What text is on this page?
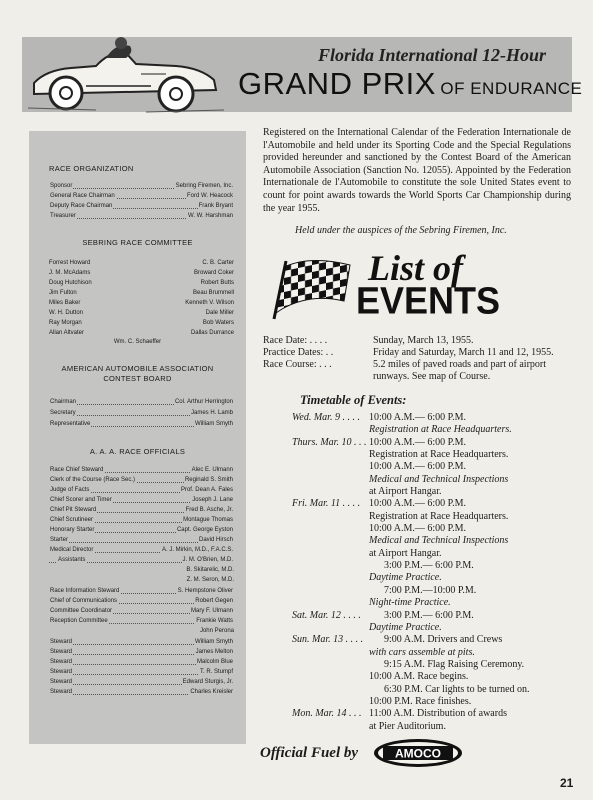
Florida International 12-Hour
GRAND PRIX OF ENDURANCE
RACE ORGANIZATION
Sponsor	Sebring Firemen, Inc.
General Race Chairman	Ford W. Heacock
Deputy Race Chairman	Frank Bryant
Treasurer	W. W. Harshman
SEBRING RACE COMMITTEE
Forrest Howard	C. B. Carter
J. M. McAdams	Broward Coker
Doug Hutchison	Robert Butts
Jim Fulton	Beau Brummell
Miles Baker	Kenneth V. Wilson
W. H. Dutton	Dale Miller
Ray Morgan	Bob Waters
Allan Altvater	Dallas Durrance
Wm. C. Schaeffer
AMERICAN AUTOMOBILE ASSOCIATION
CONTEST BOARD
Chairman	Col. Arthur Herrington
Secretary	James H. Lamb
Representative	William Smyth
A. A. A. RACE OFFICIALS
Race Chief Steward	Alec E. Ulmann
Clerk of the Course (Race Sec.)	Reginald S. Smith
Judge of Facts	Prof. Dean A. Fales
Chief Scorer and Timer	Joseph J. Lane
Chief Pit Steward	Fred B. Asche, Jr.
Chief Scrutineer	Montague Thomas
Honorary Starter	Capt. George Eyston
Starter	David Hirsch
Medical Director	A. J. Mirkin, M.D., F.A.C.S.
Assistants	J. M. O'Brien, M.D.
B. Skitarelic, M.D.
Z. M. Seron, M.D.
Race Information Steward	S. Hempstone Oliver
Chief of Communications	Robert Gegen
Committee Coordinator	Mary F. Ulmann
Reception Committee	Frankie Watts
John Perona
Steward	William Smyth
Steward	James Melton
Steward	Malcolm Blue
Steward	T. R. Stumpf
Steward	Edward Sturgis, Jr.
Steward	Charles Kreisler
Registered on the International Calendar of the Federation Internationale de l'Automobile and held under its Sporting Code and the Special Regulations provided hereunder and sanctioned by the Contest Board of the American Automobile Association (Sanction No. 12055). Appointed by the Federation Internationale de l'Automobile to constitute the sole United States event to count for point awards towards the World Sports Car Championship during the year 1955.
Held under the auspices of the Sebring Firemen, Inc.
List of
EVENTS
Race Date: . . . .	Sunday, March 13, 1955.
Practice Dates: . .	Friday and Saturday, March 11 and 12, 1955.
Race Course: . . .	5.2 miles of paved roads and part of airport
runways. See map of Course.
Timetable of Events:
Wed. Mar. 9 . . . . 10:00 A.M.— 6:00 P.M.
Registration at Race Headquarters.
Thurs. Mar. 10 . . . 10:00 A.M.— 6:00 P.M.
Registration at Race Headquarters.
10:00 A.M.— 6:00 P.M.
Medical and Technical Inspections
at Airport Hangar.
Fri. Mar. 11 . . . . 10:00 A.M.— 6:00 P.M.
Registration at Race Headquarters.
10:00 A.M.— 6:00 P.M.
Medical and Technical Inspections
at Airport Hangar.
3:00 P.M.— 6:00 P.M.
Daytime Practice.
7:00 P.M.—10:00 P.M.
Night-time Practice.
Sat. Mar. 12 . . . . 3:00 P.M.— 6:00 P.M.
Daytime Practice.
Sun. Mar. 13 . . . . 9:00 A.M. Drivers and Crews
with cars assemble at pits.
9:15 A.M. Flag Raising Ceremony.
10:00 A.M. Race begins.
6:30 P.M. Car lights to be turned on.
10:00 P.M. Race finishes.
Mon. Mar. 14 . . . 11:00 A.M. Distribution of awards
at Pier Auditorium.
Official Fuel by	AMOCO
21
